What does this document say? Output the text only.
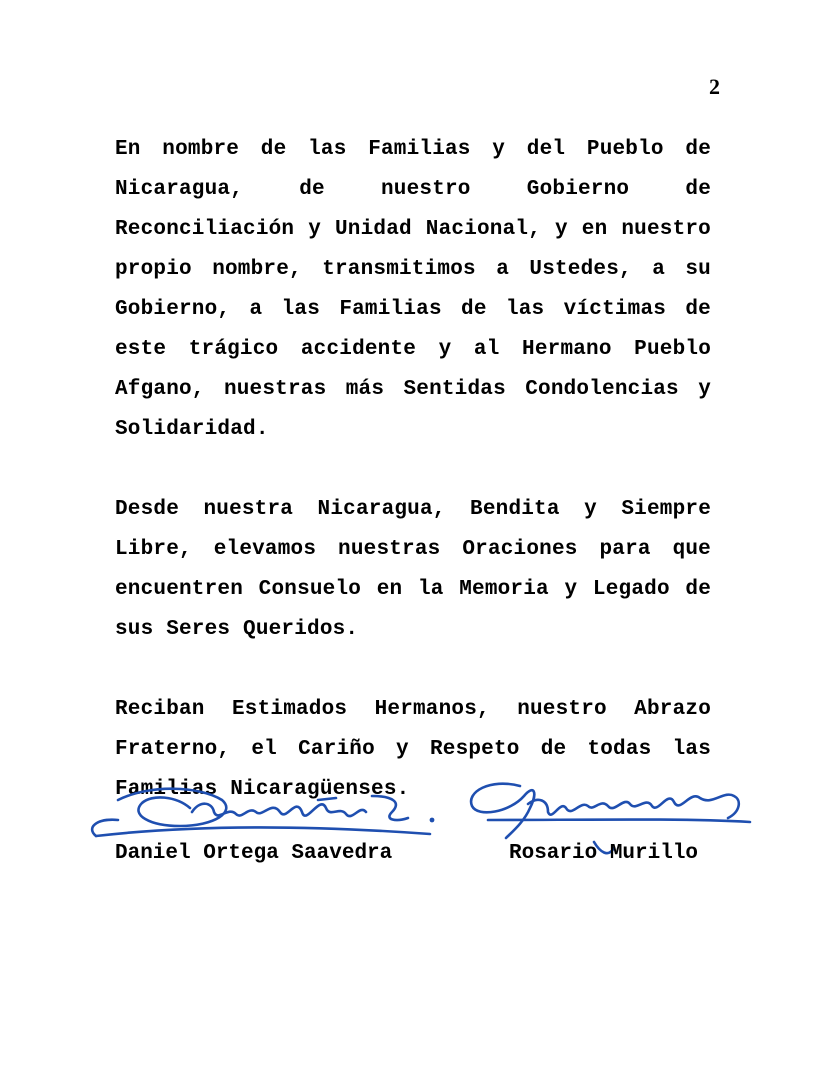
2

En nombre de las Familias y del Pueblo de Nicaragua, de nuestro Gobierno de Reconciliación y Unidad Nacional, y en nuestro propio nombre, transmitimos a Ustedes, a su Gobierno, a las Familias de las víctimas de este trágico accidente y al Hermano Pueblo Afgano, nuestras más Sentidas Condolencias y Solidaridad.

Desde nuestra Nicaragua, Bendita y Siempre Libre, elevamos nuestras Oraciones para que encuentren Consuelo en la Memoria y Legado de sus Seres Queridos.

Reciban Estimados Hermanos, nuestro Abrazo Fraterno, el Cariño y Respeto de todas las Familias Nicaragüenses.

Daniel Ortega Saavedra	Rosario Murillo
